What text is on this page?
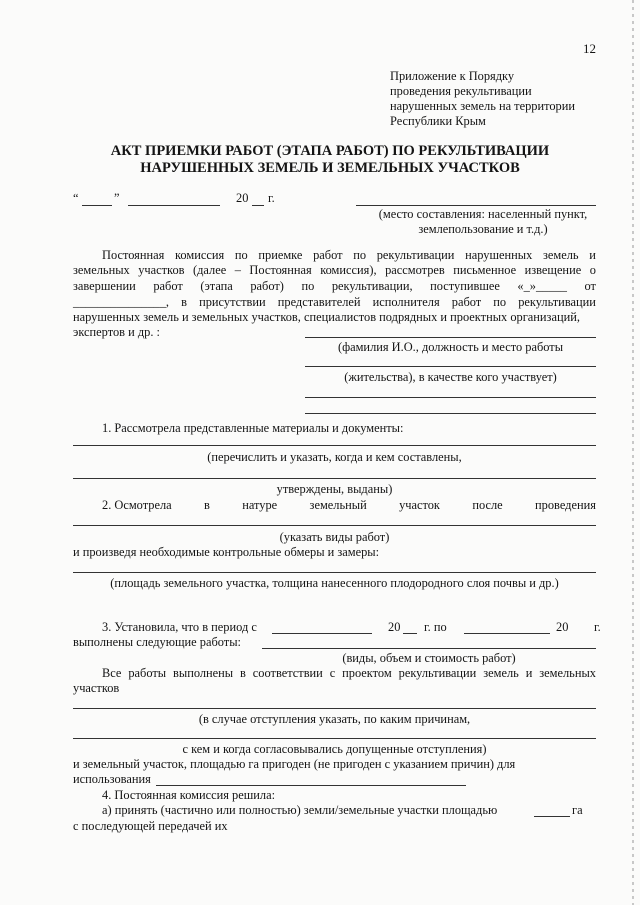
12
Приложение к Порядку
проведения рекультивации
нарушенных земель на территории
Республики Крым
АКТ ПРИЕМКИ РАБОТ (ЭТАПА РАБОТ) ПО РЕКУЛЬТИВАЦИИ
НАРУШЕННЫХ ЗЕМЕЛЬ И ЗЕМЕЛЬНЫХ УЧАСТКОВ
“	”	20 г.
(место составления: населенный пункт,
землепользование и т.д.)
Постоянная комиссия по приемке работ по рекультивации нарушенных земель и
земельных участков (далее – Постоянная комиссия), рассмотрев письменное извещение о
завершении работ (этапа работ) по рекультивации, поступившее «_»_____ от
_______________, в присутствии представителей исполнителя работ по рекультивации
нарушенных земель и земельных участков, специалистов подрядных и проектных организаций,
экспертов и др. :
(фамилия И.О., должность и место работы
(жительства), в качестве кого участвует)
1. Рассмотрела представленные материалы и документы:
(перечислить и указать, когда и кем составлены,
утверждены, выданы)
2. Осмотрела	в	натуре	земельный	участок	после	проведения
(указать виды работ)
и произведя необходимые контрольные обмеры и замеры:
(площадь земельного участка, толщина нанесенного плодородного слоя почвы и др.)
3. Установила, что в период с	20 г. по	20 г.
выполнены следующие работы:
(виды, объем и стоимость работ)
Все работы выполнены в соответствии с проектом рекультивации земель и земельных
участков
(в случае отступления указать, по каким причинам,
с кем и когда согласовывались допущенные отступления)
и земельный участок, площадью га пригоден (не пригоден с указанием причин) для
использования
4. Постоянная комиссия решила:
а) принять (частично или полностью) земли/земельные участки площадью	га
с последующей передачей их
